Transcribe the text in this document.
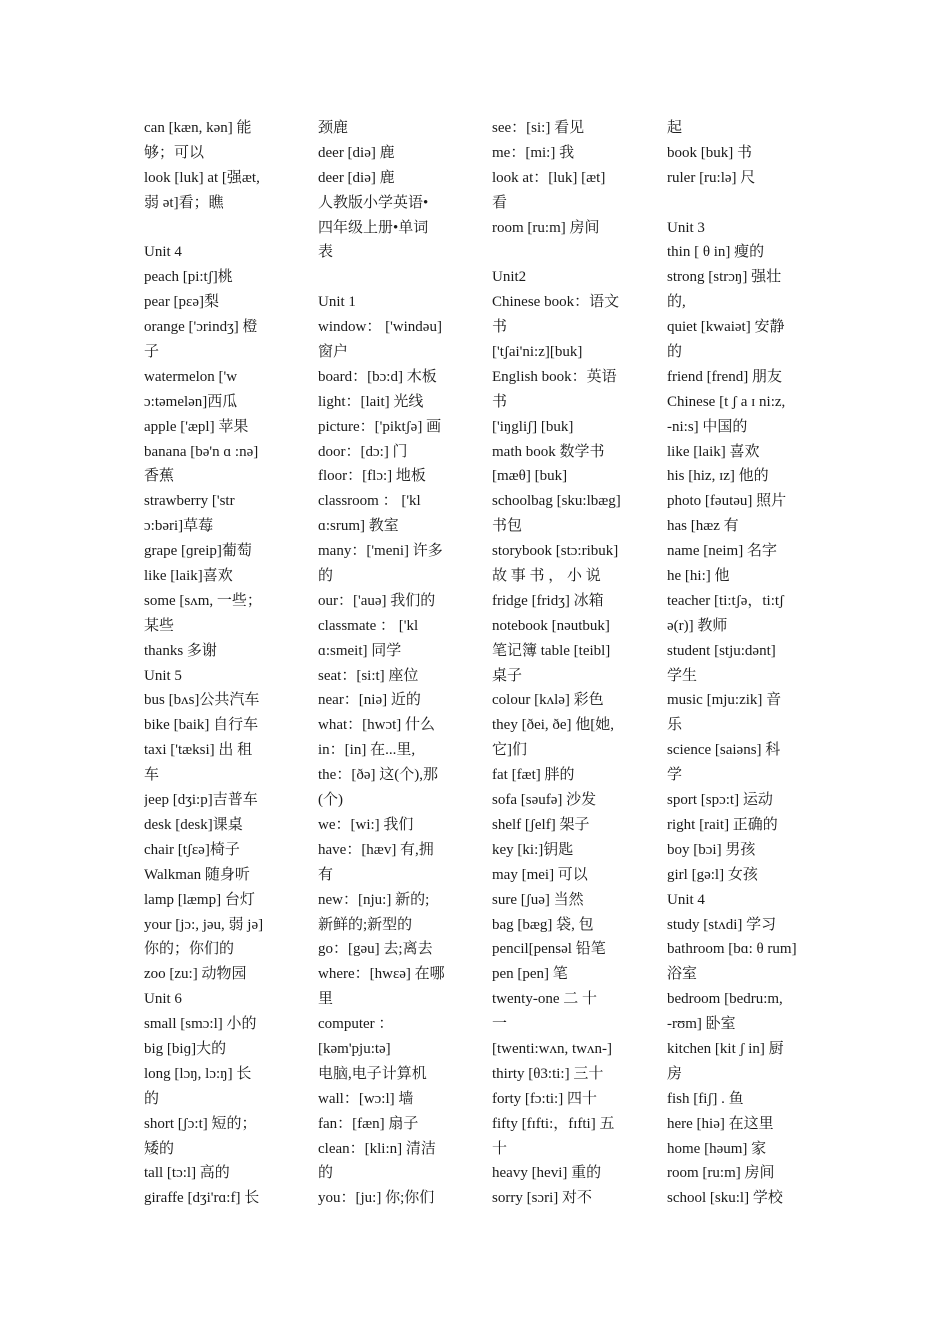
can [kæn, kən] 能
够；可以
look [luk] at [强æt,
弱 ət]看；瞧
Unit 4
peach [pi:tʃ]桃
pear [pɛə]梨
orange ['ɔrindʒ] 橙
子
watermelon ['w
ɔ:təmelən]西瓜
apple ['æpl] 苹果
banana [bə'n ɑ :nə]
香蕉
strawberry ['str
ɔ:bəri]草莓
grape [ɡreip]葡萄
like [laik]喜欢
some [sʌm, 一些；
某些
thanks 多谢
Unit 5
bus [bʌs]公共汽车
bike [baik] 自行车
taxi ['tæksi] 出 租
车
jeep [dʒi:p]吉普车
desk [desk]课桌
chair [tʃεə]椅子
Walkman 随身听
lamp [læmp] 台灯
your [jɔ:, jəu, 弱 jə]
你的；你们的
zoo [zu:] 动物园
Unit 6
small [smɔ:l] 小的
big [biɡ]大的
long [lɔŋ, lɔ:ŋ] 长
的
short [ʃɔ:t] 短的；
矮的
tall [tɔ:l] 高的
giraffe [dʒi'rɑ:f] 长
颈鹿
deer [diə] 鹿
deer [diə] 鹿
人教版小学英语•
四年级上册•单词
表
Unit 1
window： ['windəu]
窗户
board：[bɔ:d] 木板
light：[lait] 光线
picture：['piktʃə] 画
door：[dɔ:] 门
floor：[flɔ:] 地板
classroom ： ['kl
ɑ:srum] 教室
many：['meni] 许多
的
our：['auə] 我们的
classmate ： ['kl
ɑ:smeit] 同学
seat：[si:t] 座位
near：[niə] 近的
what：[hwɔt] 什么
in：[in] 在...里,
the：[ðə] 这(个),那
(个)
we：[wi:] 我们
have：[hæv] 有,拥
有
new：[nju:] 新的;
新鲜的;新型的
go：[gəu] 去;离去
where：[hwεə] 在哪
里
computer ：
[kəm'pju:tə]
电脑,电子计算机
wall：[wɔ:l] 墙
fan：[fæn] 扇子
clean：[kli:n] 清洁
的
you：[ju:] 你;你们
see：[si:] 看见
me：[mi:] 我
look at：[luk] [æt]
看
room [ru:m] 房间
Unit2
Chinese book：语文
书
['tʃai'ni:z][buk]
English book：英语
书
['iŋgliʃ] [buk]
math book 数学书
[mæθ] [buk]
schoolbag [sku:lbæg]
书包
storybook [stɔ:ribuk]
故 事 书 ， 小 说
fridge [fridʒ] 冰箱
notebook [nəutbuk]
笔记簿 table [teibl]
桌子
colour [kʌlə] 彩色
they [ðei, ðe] 他[她,
它]们
fat [fæt] 胖的
sofa [səufə] 沙发
shelf [ʃelf] 架子
key [ki:]钥匙
may [mei] 可以
sure [ʃuə] 当然
bag [bæg] 袋, 包
pencil[pensəl 铅笔
pen [pen] 笔
twenty-one 二 十
一
[twenti:wʌn, twʌn-]
thirty [θ3:ti:] 三十
forty [fɔ:ti:] 四十
fifty [fɪfti:，fɪfti] 五
十
heavy [hevi] 重的
sorry [sɔri] 对不
起
book [buk] 书
ruler [ru:lə] 尺
Unit 3
thin [ θ in] 瘦的
strong [strɔŋ] 强壮
的,
quiet [kwaiət] 安静
的
friend [frend] 朋友
Chinese [t ʃ a ɪ ni:z,
-ni:s] 中国的
like [laik] 喜欢
his [hiz, ɪz] 他的
photo [fəutəu] 照片
has [hæz 有
name [neim] 名字
he [hi:] 他
teacher [ti:tʃə，ti:tʃ
ə(r)] 教师
student [stju:dənt]
学生
music [mju:zik] 音
乐
science [saiəns] 科
学
sport [spɔ:t] 运动
right [rait] 正确的
boy [bɔi] 男孩
girl [gə:l] 女孩
Unit 4
study [stʌdi] 学习
bathroom [bɑ: θ rum]
浴室
bedroom [bedru:m,
-rʊm] 卧室
kitchen [kit ʃ in] 厨
房
fish [fiʃ] . 鱼
here [hiə] 在这里
home [həum] 家
room [ru:m] 房间
school [sku:l] 学校
